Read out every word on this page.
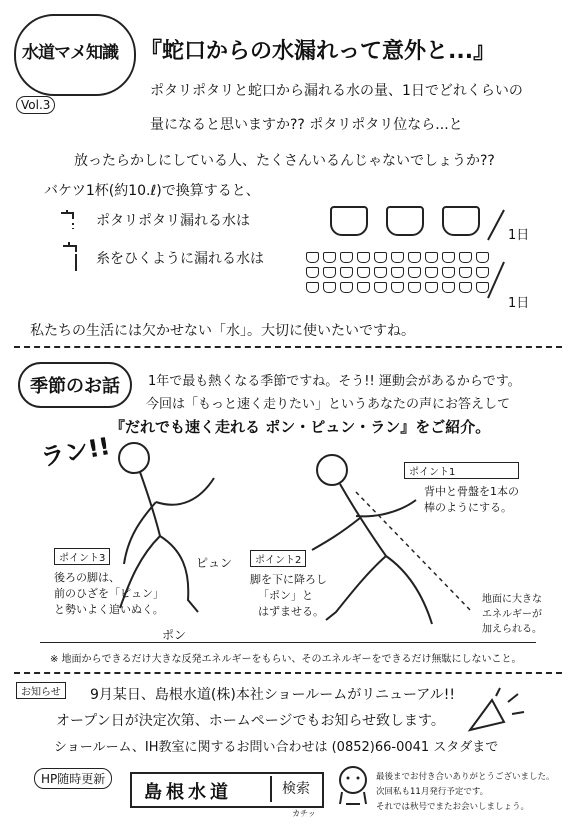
水道マメ知識
Vol.3
『蛇口からの水漏れって意外と...』
ポタリポタリと蛇口から漏れる水の量、1日でどれくらいの
量になると思いますか?? ポタリポタリ位なら...と
放ったらかしにしている人、たくさんいるんじゃないでしょうか??
バケツ1杯(約10.ℓ)で換算すると、
ポタリポタリ漏れる水は
1日
糸をひくように漏れる水は
1日
私たちの生活には欠かせない「水」。大切に使いたいですね。
季節のお話	1年で最も熱くなる季節ですね。そう!! 運動会があるからです。
今回は「もっと速く走りたい」というあなたの声にお答えして
『だれでも速く走れる ポン・ピュン・ラン』をご紹介。
ラン!!
ポイント1
背中と骨盤を1本の
棒のようにする。
ポイント3
後ろの脚は、
前のひざを「ピュン」
と勢いよく追いぬく。
ピュン
ポン
ポイント2
脚を下に降ろし
「ポン」と
はずませる。
地面に大きな
エネルギーが
加えられる。
※ 地面からできるだけ大きな反発エネルギーをもらい、そのエネルギーをできるだけ無駄にしないこと。
お知らせ	9月某日、島根水道(株)本社ショールームがリニューアル!!
オープン日が決定次第、ホームページでもお知らせ致します。
ショールーム、IH教室に関するお問い合わせは (0852)66-0041 スタダまで
HP随時更新
島根水道	検索
カチッ
最後までお付き合いありがとうございました。
次回私も11月発行予定です。
それでは秋号でまたお会いしましょう。
